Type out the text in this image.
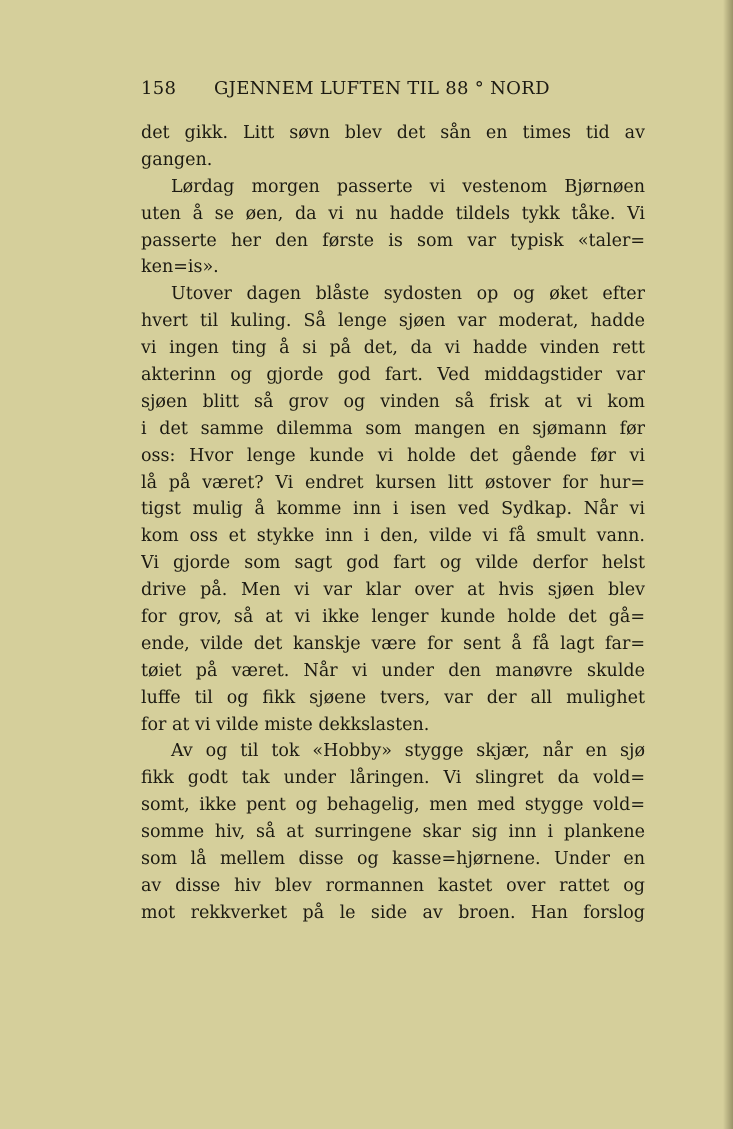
158 GJENNEM LUFTEN TIL 88 ° NORD
det gikk. Litt søvn blev det sån en times tid av
gangen.
Lørdag morgen passerte vi vestenom Bjørnøen
uten å se øen, da vi nu hadde tildels tykk tåke. Vi
passerte her den første is som var typisk «taler=
ken=is».
Utover dagen blåste sydosten op og øket efter
hvert til kuling. Så lenge sjøen var moderat, hadde
vi ingen ting å si på det, da vi hadde vinden rett
akterinn og gjorde god fart. Ved middagstider var
sjøen blitt så grov og vinden så frisk at vi kom
i det samme dilemma som mangen en sjømann før
oss: Hvor lenge kunde vi holde det gående før vi
lå på været? Vi endret kursen litt østover for hur=
tigst mulig å komme inn i isen ved Sydkap. Når vi
kom oss et stykke inn i den, vilde vi få smult vann.
Vi gjorde som sagt god fart og vilde derfor helst
drive på. Men vi var klar over at hvis sjøen blev
for grov, så at vi ikke lenger kunde holde det gå=
ende, vilde det kanskje være for sent å få lagt far=
tøiet på været. Når vi under den manøvre skulde
luffe til og fikk sjøene tvers, var der all mulighet
for at vi vilde miste dekkslasten.
Av og til tok «Hobby» stygge skjær, når en sjø
fikk godt tak under låringen. Vi slingret da vold=
somt, ikke pent og behagelig, men med stygge vold=
somme hiv, så at surringene skar sig inn i plankene
som lå mellem disse og kasse=hjørnene. Under en
av disse hiv blev rormannen kastet over rattet og
mot rekkverket på le side av broen. Han forslog
